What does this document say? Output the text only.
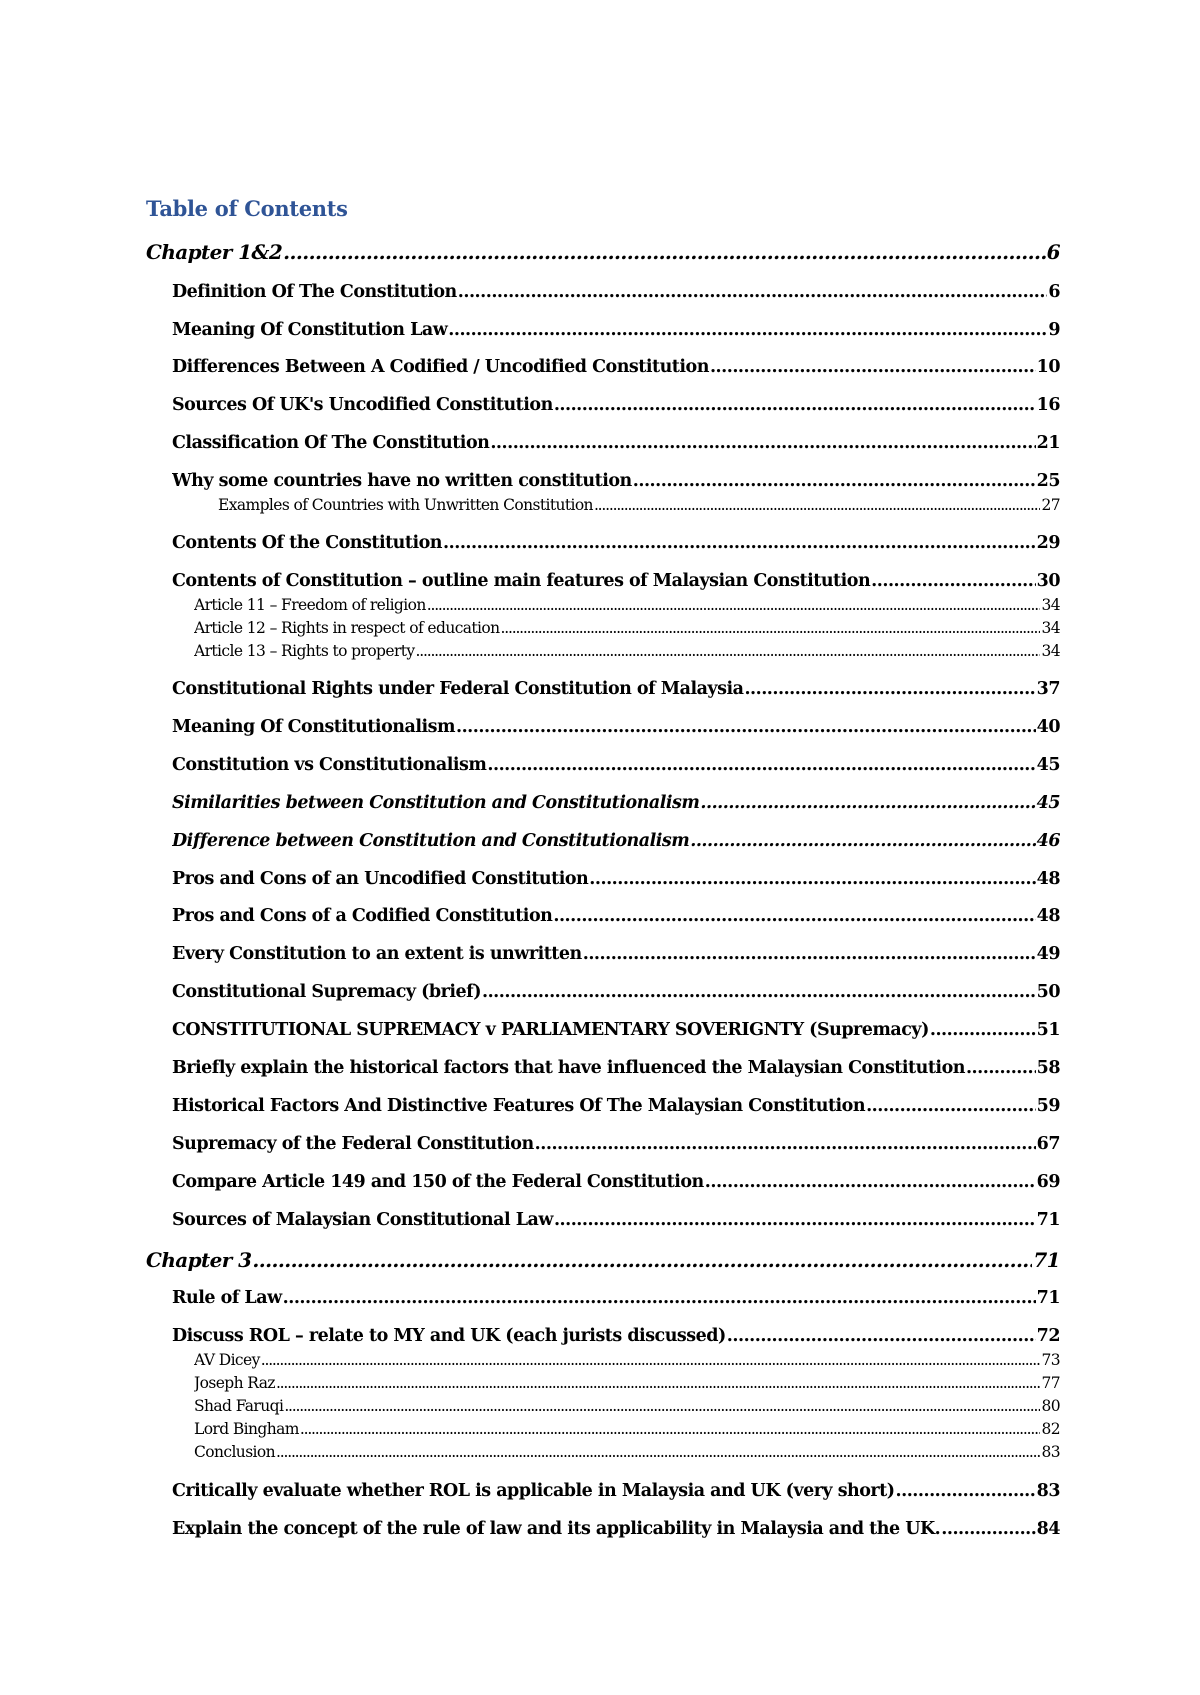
Table of Contents
Chapter 1&2 .....	6
Definition Of The Constitution .....	6
Meaning Of Constitution Law .....	9
Differences Between A Codified / Uncodified Constitution .....	10
Sources Of UK's Uncodified Constitution .....	16
Classification Of The Constitution .....	21
Why some countries have no written constitution .....	25
Examples of Countries with Unwritten Constitution .....	27
Contents Of the Constitution .....	29
Contents of Constitution – outline main features of Malaysian Constitution .....	30
Article 11 – Freedom of religion .....	34
Article 12 – Rights in respect of education .....	34
Article 13 – Rights to property .....	34
Constitutional Rights under Federal Constitution of Malaysia .....	37
Meaning Of Constitutionalism .....	40
Constitution vs Constitutionalism .....	45
Similarities between Constitution and Constitutionalism .....	45
Difference between Constitution and Constitutionalism .....	46
Pros and Cons of an Uncodified Constitution .....	48
Pros and Cons of a Codified Constitution .....	48
Every Constitution to an extent is unwritten .....	49
Constitutional Supremacy (brief) .....	50
CONSTITUTIONAL SUPREMACY v PARLIAMENTARY SOVERIGNTY (Supremacy) .....	51
Briefly explain the historical factors that have influenced the Malaysian Constitution .....	58
Historical Factors And Distinctive Features Of The Malaysian Constitution .....	59
Supremacy of the Federal Constitution .....	67
Compare Article 149 and 150 of the Federal Constitution .....	69
Sources of Malaysian Constitutional Law .....	71
Chapter 3 .....	71
Rule of Law .....	71
Discuss ROL – relate to MY and UK (each jurists discussed) .....	72
AV Dicey .....	73
Joseph Raz .....	77
Shad Faruqi .....	80
Lord Bingham .....	82
Conclusion .....	83
Critically evaluate whether ROL is applicable in Malaysia and UK (very short) .....	83
Explain the concept of the rule of law and its applicability in Malaysia and the UK. .....	84
